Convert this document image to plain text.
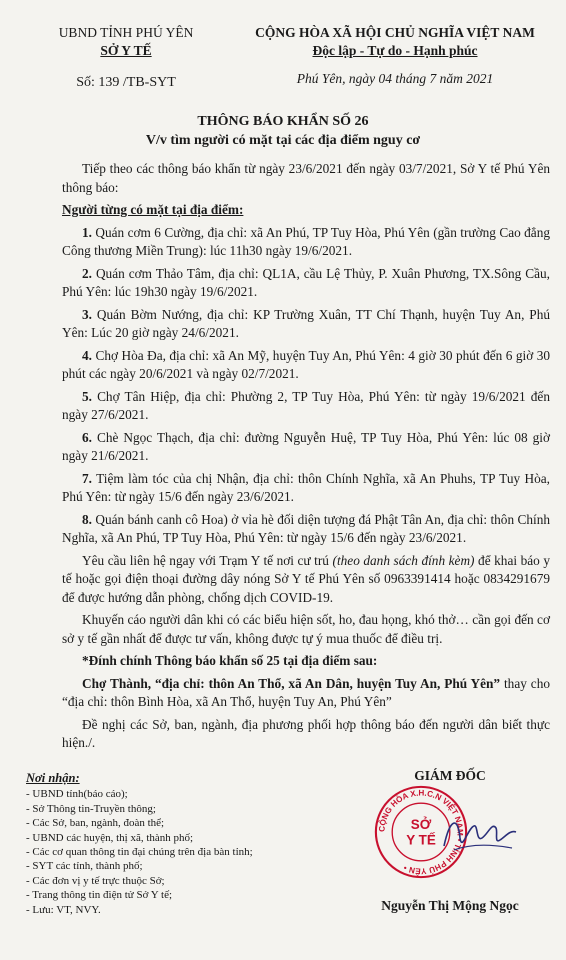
UBND TỈNH PHÚ YÊN
SỞ Y TẾ
Số: 139 /TB-SYT
CỘNG HÒA XÃ HỘI CHỦ NGHĨA VIỆT NAM
Độc lập - Tự do - Hạnh phúc
Phú Yên, ngày 04 tháng 7 năm 2021
THÔNG BÁO KHẨN SỐ 26
V/v tìm người có mặt tại các địa điểm nguy cơ

Tiếp theo các thông báo khẩn từ ngày 23/6/2021 đến ngày 03/7/2021, Sở Y tế Phú Yên thông báo:

Người từng có mặt tại địa điểm:

1. Quán cơm 6 Cường, địa chỉ: xã An Phú, TP Tuy Hòa, Phú Yên (gần trường Cao đẳng Công thương Miền Trung): lúc 11h30 ngày 19/6/2021.

2. Quán cơm Thảo Tâm, địa chỉ: QL1A, cầu Lệ Thủy, P. Xuân Phương, TX.Sông Cầu, Phú Yên: lúc 19h30 ngày 19/6/2021.

3. Quán Bờm Nướng, địa chỉ: KP Trường Xuân, TT Chí Thạnh, huyện Tuy An, Phú Yên: Lúc 20 giờ ngày 24/6/2021.

4. Chợ Hòa Đa, địa chỉ: xã An Mỹ, huyện Tuy An, Phú Yên: 4 giờ 30 phút đến 6 giờ 30 phút các ngày 20/6/2021 và ngày 02/7/2021.

5. Chợ Tân Hiệp, địa chỉ: Phường 2, TP Tuy Hòa, Phú Yên: từ ngày 19/6/2021 đến ngày 27/6/2021.

6. Chè Ngọc Thạch, địa chỉ: đường Nguyễn Huệ, TP Tuy Hòa, Phú Yên: lúc 08 giờ ngày 21/6/2021.

7. Tiệm làm tóc của chị Nhận, địa chỉ: thôn Chính Nghĩa, xã An Phuhs, TP Tuy Hòa, Phú Yên: từ ngày 15/6 đến ngày 23/6/2021.

8. Quán bánh canh cô Hoa) ở vỉa hè đối diện tượng đá Phật Tân An, địa chỉ: thôn Chính Nghĩa, xã An Phú, TP Tuy Hòa, Phú Yên: từ ngày 15/6 đến ngày 23/6/2021.

Yêu cầu liên hệ ngay với Trạm Y tế nơi cư trú (theo danh sách đính kèm) để khai báo y tế hoặc gọi điện thoại đường dây nóng Sở Y tế Phú Yên số 0963391414 hoặc 0834291679 để được hướng dẫn phòng, chống dịch COVID-19.

Khuyến cáo người dân khi có các biểu hiện sốt, ho, đau họng, khó thở… cần gọi đến cơ sở y tế gần nhất để được tư vấn, không được tự ý mua thuốc để điều trị.

*Đính chính Thông báo khẩn số 25 tại địa điểm sau:

Chợ Thành, “địa chỉ: thôn An Thổ, xã An Dân, huyện Tuy An, Phú Yên” thay cho “địa chỉ: thôn Bình Hòa, xã An Thổ, huyện Tuy An, Phú Yên”

Đề nghị các Sở, ban, ngành, địa phương phối hợp thông báo đến người dân biết thực hiện./.

Nơi nhận:
- UBND tỉnh(báo cáo);
- Sở Thông tin-Truyền thông;
- Các Sở, ban, ngành, đoàn thể;
- UBND các huyện, thị xã, thành phố;
- Các cơ quan thông tin đại chúng trên địa bàn tỉnh;
- SYT các tỉnh, thành phố;
- Các đơn vị y tế trực thuộc Sở;
- Trang thông tin điện tử Sở Y tế;
- Lưu: VT, NVY.
CỘNG HÒA X.H.C.N VIỆT NAM • TỈNH PHÚ YÊN •
SỞ
Y TẾ
GIÁM ĐỐC
Nguyễn Thị Mộng Ngọc
